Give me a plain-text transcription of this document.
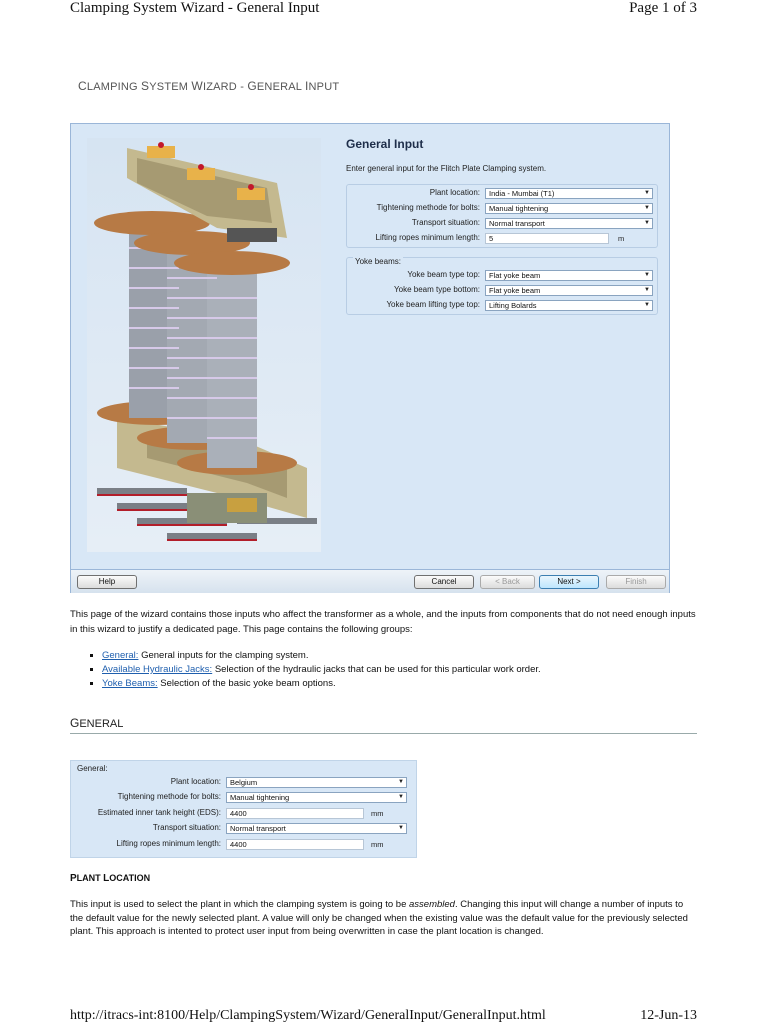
Clamping System Wizard - General Input	Page 1 of 3
CLAMPING SYSTEM WIZARD - GENERAL INPUT
General Input
Enter general input for the Flitch Plate Clamping system.
Plant location:	India - Mumbai (T1)	▼
Tightening methode for bolts:	Manual tightening	▼
Transport situation:	Normal transport	▼
Lifting ropes minimum length:	5	m
Yoke beams:
Yoke beam type top:	Flat yoke beam	▼
Yoke beam type bottom:	Flat yoke beam	▼
Yoke beam lifting type top:	Lifting Bolards	▼
Help	Cancel	< Back	Next >	Finish
This page of the wizard contains those inputs who affect the transformer as a whole, and the inputs from components that do not need enough inputs in this wizard to justify a dedicated page. This page contains the following groups:
▪ General: General inputs for the clamping system.
▪ Available Hydraulic Jacks: Selection of the hydraulic jacks that can be used for this particular work order.
▪ Yoke Beams: Selection of the basic yoke beam options.
GENERAL
General:
Plant location:	Belgium	▼
Tightening methode for bolts:	Manual tightening	▼
Estimated inner tank height (EDS):	4400	mm
Transport situation:	Normal transport	▼
Lifting ropes minimum length:	4400	mm
PLANT LOCATION
This input is used to select the plant in which the clamping system is going to be assembled. Changing this input will change a number of inputs to the default value for the newly selected plant. A value will only be changed when the existing value was the default value for the previously selected plant. This approach is intented to protect user input from being overwritten in case the plant location is changed.
http://itracs-int:8100/Help/ClampingSystem/Wizard/GeneralInput/GeneralInput.html	12-Jun-13
